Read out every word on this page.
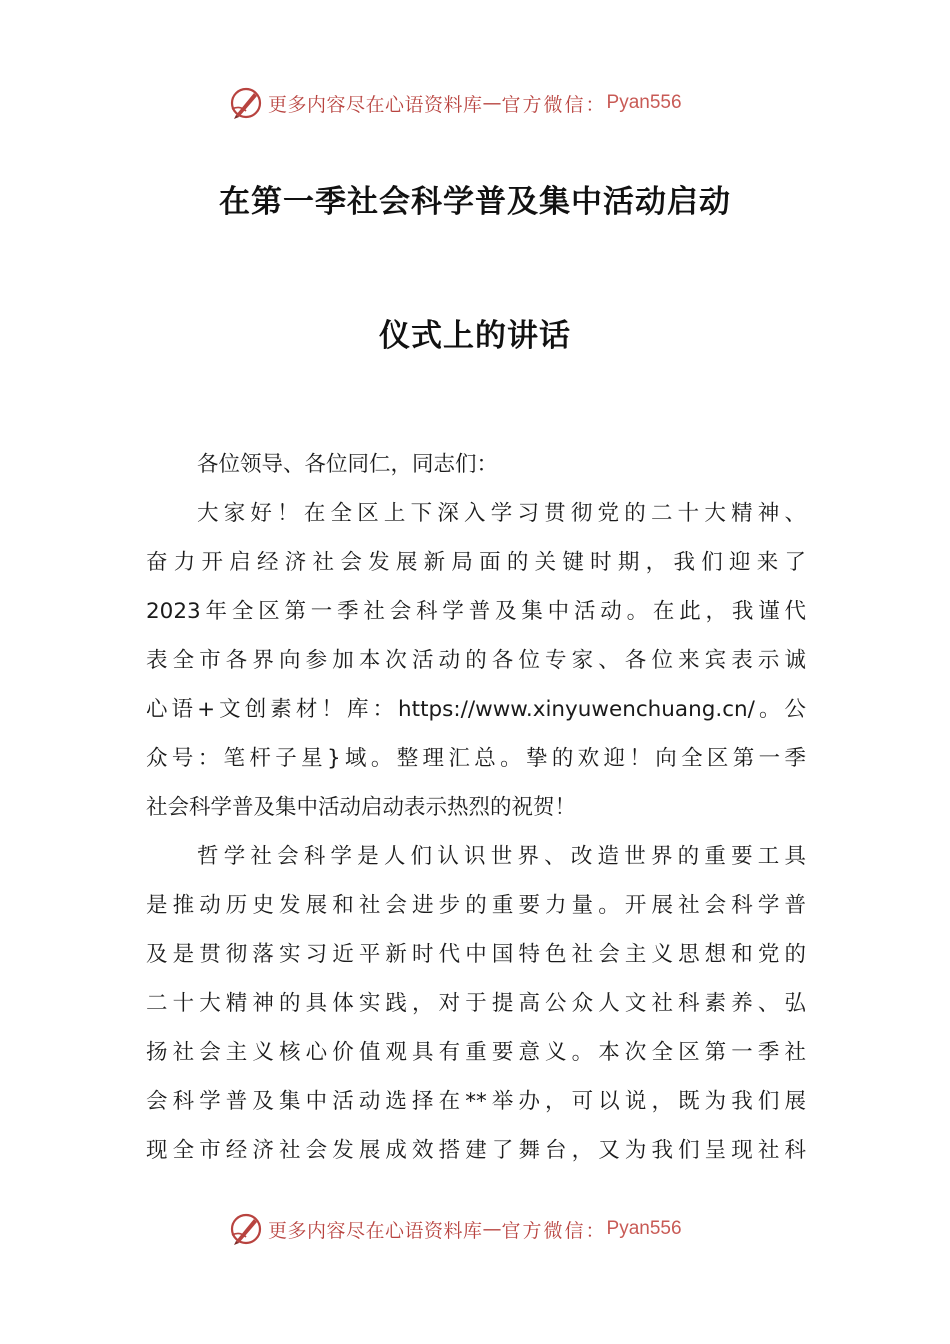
更多内容尽在心语资料库 — 官方微信： Pyan556
在第一季社会科学普及集中活动启动
仪式上的讲话
各位领导、各位同仁，同志们：
大家好！在全区上下深入学习贯彻党的二十大精神、
奋力开启经济社会发展新局面的关键时期，我们迎来了
2023年全区第一季社会科学普及集中活动。在此，我谨代
表全市各界向参加本次活动的各位专家、各位来宾表示诚
心语+文创素材！库：https://www.xinyuwenchuang.cn/。公
众号：笔杆子星}域。整理汇总。挚的欢迎！向全区第一季
社会科学普及集中活动启动表示热烈的祝贺！
哲学社会科学是人们认识世界、改造世界的重要工具
是推动历史发展和社会进步的重要力量。开展社会科学普
及是贯彻落实习近平新时代中国特色社会主义思想和党的
二十大精神的具体实践，对于提高公众人文社科素养、弘
扬社会主义核心价值观具有重要意义。本次全区第一季社
会科学普及集中活动选择在**举办，可以说，既为我们展
现全市经济社会发展成效搭建了舞台，又为我们呈现社科
更多内容尽在心语资料库 — 官方微信： Pyan556
